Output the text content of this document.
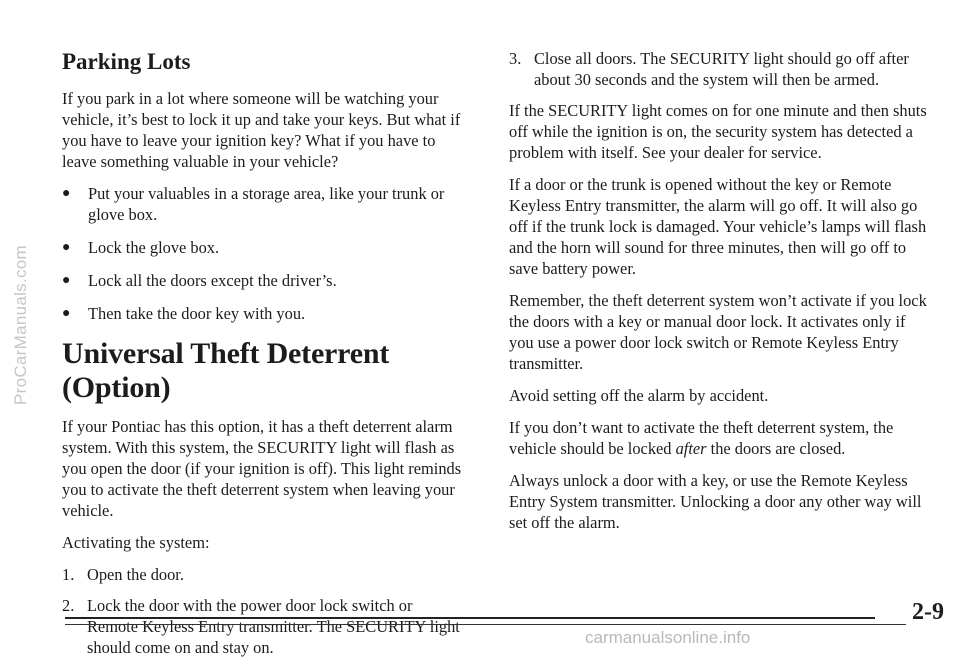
ProCarManuals.com
Parking Lots

If you park in a lot where someone will be watching your vehicle, it’s best to lock it up and take your keys. But what if you have to leave your ignition key? What if you have to leave something valuable in your vehicle?

●	Put your valuables in a storage area, like your trunk or glove box.
●	Lock the glove box.
●	Lock all the doors except the driver’s.
●	Then take the door key with you.
Universal Theft Deterrent (Option)

If your Pontiac has this option, it has a theft deterrent alarm system. With this system, the SECURITY light will flash as you open the door (if your ignition is off). This light reminds you to activate the theft deterrent system when leaving your vehicle.

Activating the system:

1. Open the door.
2. Lock the door with the power door lock switch or Remote Keyless Entry transmitter. The SECURITY light should come on and stay on.
3. Close all doors. The SECURITY light should go off after about 30 seconds and the system will then be armed.

If the SECURITY light comes on for one minute and then shuts off while the ignition is on, the security system has detected a problem with itself. See your dealer for service.

If a door or the trunk is opened without the key or Remote Keyless Entry transmitter, the alarm will go off. It will also go off if the trunk lock is damaged. Your vehicle’s lamps will flash and the horn will sound for three minutes, then will go off to save battery power.

Remember, the theft deterrent system won’t activate if you lock the doors with a key or manual door lock. It activates only if you use a power door lock switch or Remote Keyless Entry transmitter.

Avoid setting off the alarm by accident.

If you don’t want to activate the theft deterrent system, the vehicle should be locked after the doors are closed.

Always unlock a door with a key, or use the Remote Keyless Entry System transmitter. Unlocking a door any other way will set off the alarm.

2-9
carmanualsonline.info
